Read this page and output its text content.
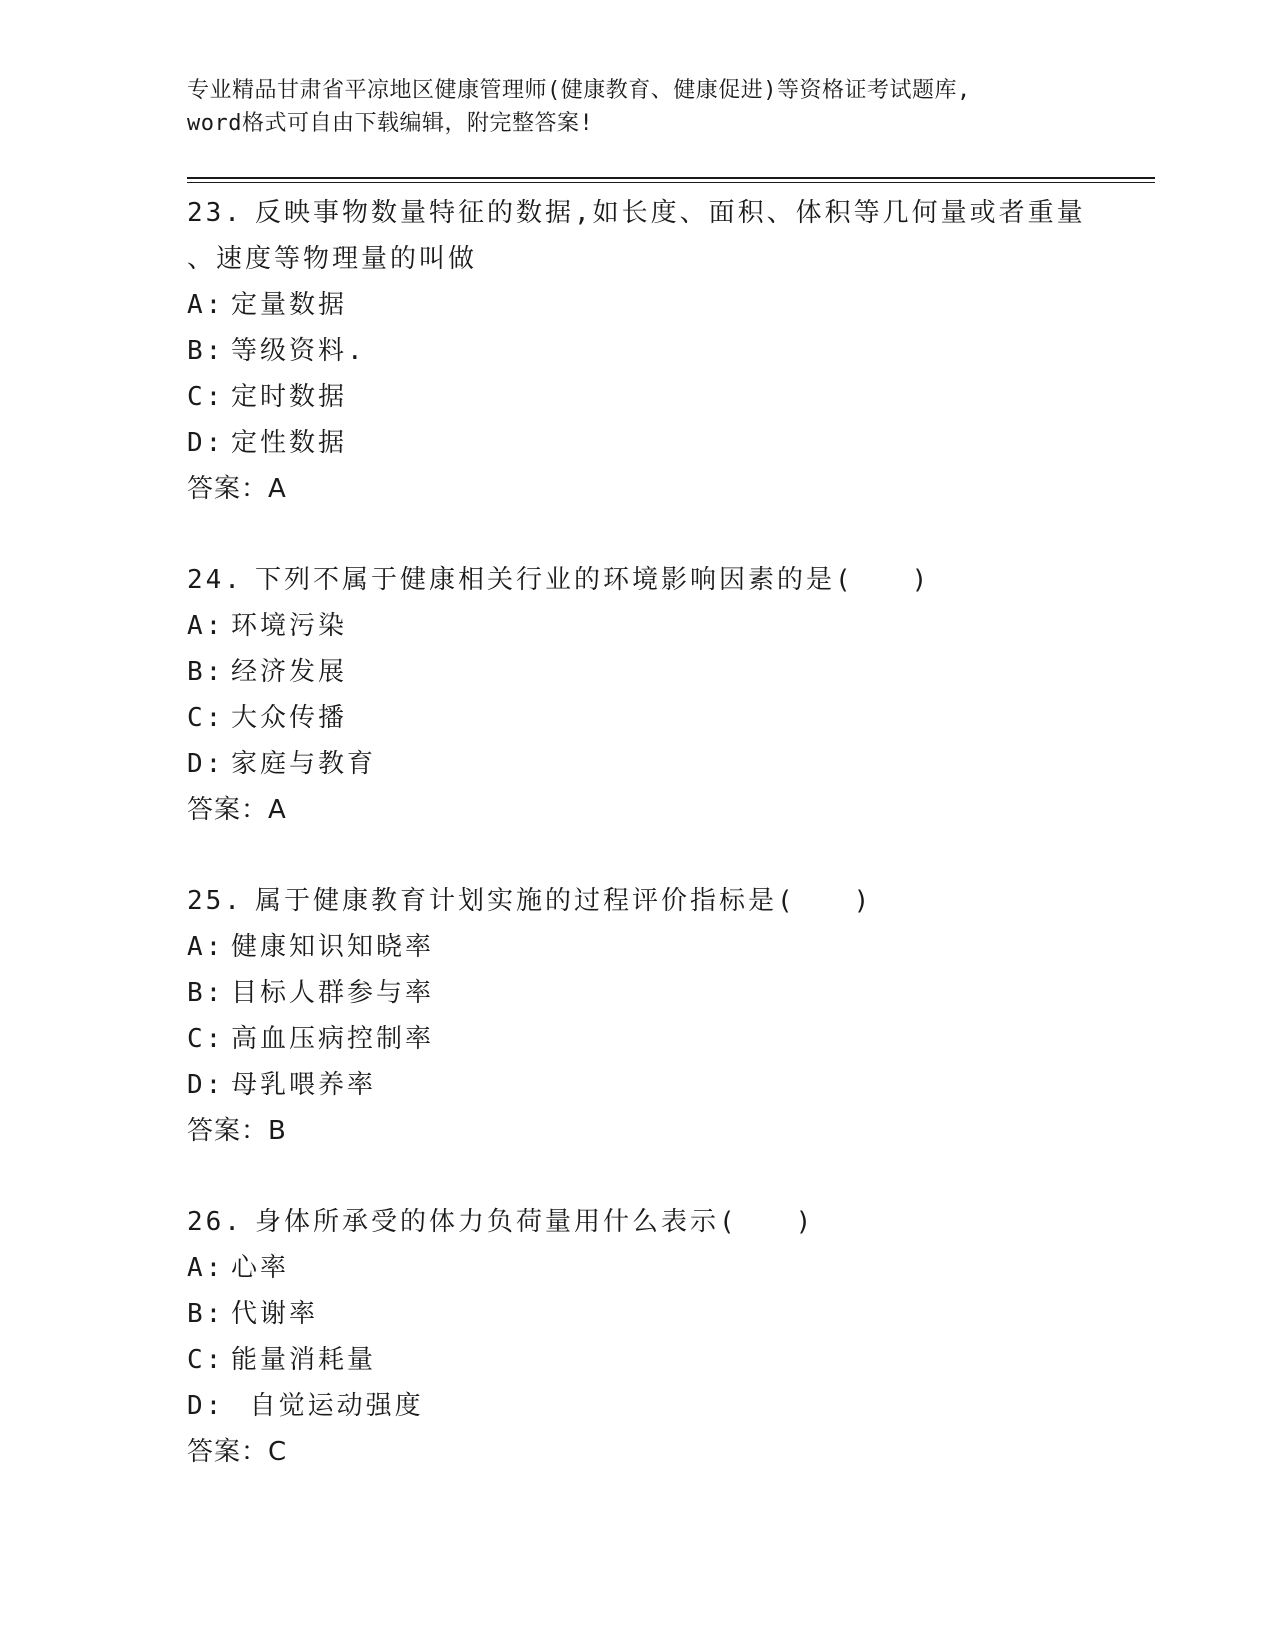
专业精品甘肃省平凉地区健康管理师(健康教育、健康促进)等资格证考试题库,
word格式可自由下载编辑，附完整答案!
23. 反映事物数量特征的数据,如长度、面积、体积等几何量或者重量
、速度等物理量的叫做
A: 定量数据
B: 等级资料.
C: 定时数据
D: 定性数据
答案：A
24. 下列不属于健康相关行业的环境影响因素的是(　　)
A: 环境污染
B: 经济发展
C: 大众传播
D: 家庭与教育
答案：A
25. 属于健康教育计划实施的过程评价指标是(　　)
A: 健康知识知晓率
B: 目标人群参与率
C: 高血压病控制率
D: 母乳喂养率
答案：B
26. 身体所承受的体力负荷量用什么表示(　　)
A: 心率
B: 代谢率
C: 能量消耗量
D: 自觉运动强度
答案：C
